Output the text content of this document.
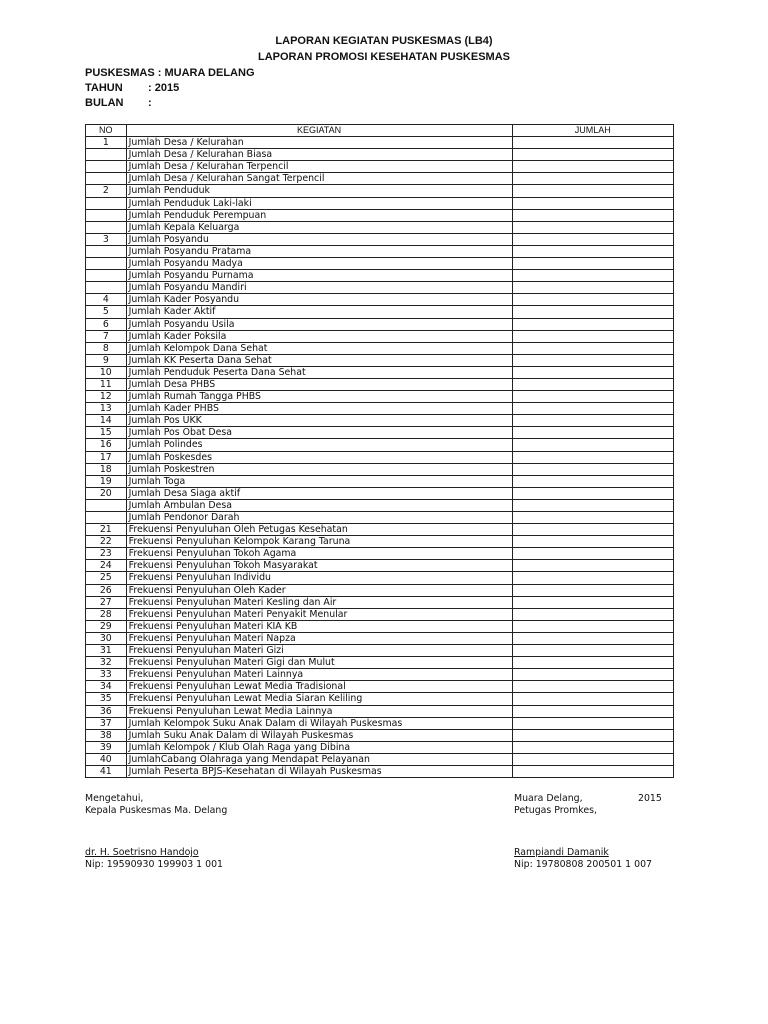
LAPORAN KEGIATAN PUSKESMAS (LB4)
LAPORAN PROMOSI KESEHATAN PUSKESMAS
PUSKESMAS : MUARA DELANG
TAHUN : 2015
BULAN :
NO	KEGIATAN	JUMLAH
1	Jumlah Desa / Kelurahan	
	Jumlah Desa / Kelurahan Biasa	
	Jumlah Desa / Kelurahan Terpencil	
	Jumlah Desa / Kelurahan Sangat Terpencil	
2	Jumlah Penduduk	
	Jumlah Penduduk Laki-laki	
	Jumlah Penduduk Perempuan	
	Jumlah Kepala Keluarga	
3	Jumlah Posyandu	
	Jumlah Posyandu Pratama	
	Jumlah Posyandu Madya	
	Jumlah Posyandu Purnama	
	Jumlah Posyandu Mandiri	
4	Jumlah Kader Posyandu	
5	Jumlah Kader Aktif	
6	Jumlah Posyandu Usila	
7	Jumlah Kader Poksila	
8	Jumlah Kelompok Dana Sehat	
9	Jumlah KK Peserta Dana Sehat	
10	Jumlah Penduduk Peserta Dana Sehat	
11	Jumlah Desa PHBS	
12	Jumlah Rumah Tangga PHBS	
13	Jumlah Kader PHBS	
14	Jumlah Pos UKK	
15	Jumlah Pos Obat Desa	
16	Jumlah Polindes	
17	Jumlah Poskesdes	
18	Jumlah Poskestren	
19	Jumlah Toga	
20	Jumlah Desa Siaga aktif	
	Jumlah Ambulan Desa	
	Jumlah Pendonor Darah	
21	Frekuensi Penyuluhan Oleh Petugas Kesehatan	
22	Frekuensi Penyuluhan Kelompok Karang Taruna	
23	Frekuensi Penyuluhan Tokoh Agama	
24	Frekuensi Penyuluhan Tokoh Masyarakat	
25	Frekuensi Penyuluhan Individu	
26	Frekuensi Penyuluhan Oleh Kader	
27	Frekuensi Penyuluhan Materi Kesling dan Air	
28	Frekuensi Penyuluhan Materi Penyakit Menular	
29	Frekuensi Penyuluhan Materi KIA KB	
30	Frekuensi Penyuluhan Materi Napza	
31	Frekuensi Penyuluhan Materi Gizi	
32	Frekuensi Penyuluhan Materi Gigi dan Mulut	
33	Frekuensi Penyuluhan Materi Lainnya	
34	Frekuensi Penyuluhan Lewat Media Tradisional	
35	Frekuensi Penyuluhan Lewat Media Siaran Keliling	
36	Frekuensi Penyuluhan Lewat Media Lainnya	
37	Jumlah Kelompok Suku Anak Dalam di Wilayah Puskesmas	
38	Jumlah Suku Anak Dalam di Wilayah Puskesmas	
39	Jumlah Kelompok / Klub Olah Raga yang Dibina	
40	JumlahCabang Olahraga yang Mendapat Pelayanan	
41	Jumlah Peserta BPJS-Kesehatan di Wilayah Puskesmas	
Mengetahui,
Kepala Puskesmas Ma. Delang
dr. H. Soetrisno Handojo
Nip: 19590930 199903 1 001
Muara Delang,	2015
Petugas Promkes,
Rampiandi Damanik
Nip: 19780808 200501 1 007
